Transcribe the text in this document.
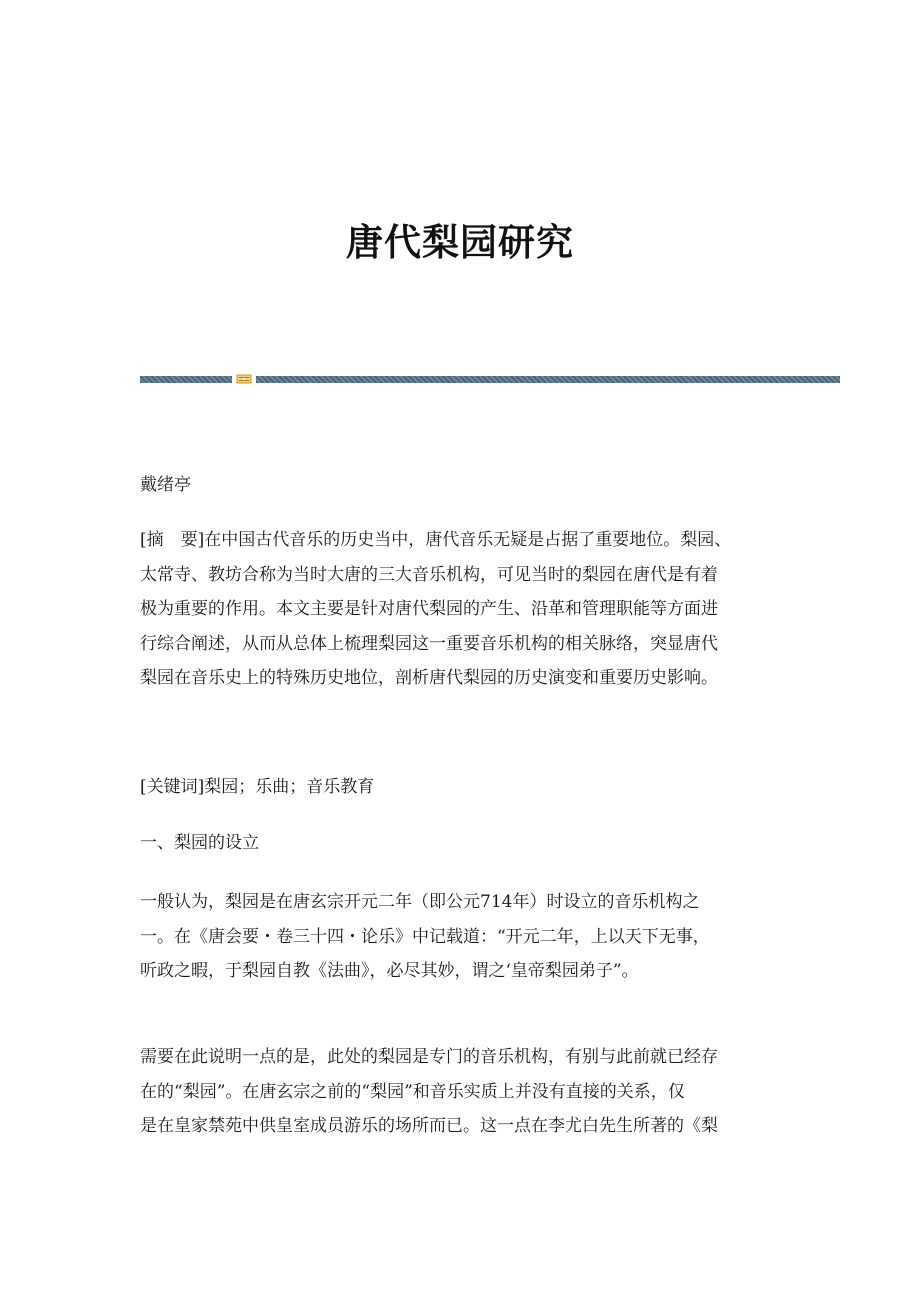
唐代梨园研究
戴绪亭
[摘　要]在中国古代音乐的历史当中，唐代音乐无疑是占据了重要地位。梨园、
太常寺、教坊合称为当时大唐的三大音乐机构，可见当时的梨园在唐代是有着
极为重要的作用。本文主要是针对唐代梨园的产生、沿革和管理职能等方面进
行综合阐述，从而从总体上梳理梨园这一重要音乐机构的相关脉络，突显唐代
梨园在音乐史上的特殊历史地位，剖析唐代梨园的历史演变和重要历史影响。
[关键词]梨园；乐曲；音乐教育
一、梨园的设立
一般认为，梨园是在唐玄宗开元二年（即公元714年）时设立的音乐机构之
一。在《唐会要・卷三十四・论乐》中记载道：“开元二年，上以天下无事，
听政之暇，于梨园自教《法曲》，必尽其妙，谓之‘皇帝梨园弟子”。
需要在此说明一点的是，此处的梨园是专门的音乐机构，有别与此前就已经存
在的“梨园”。在唐玄宗之前的“梨园”和音乐实质上并没有直接的关系，仅
是在皇家禁苑中供皇室成员游乐的场所而已。这一点在李尤白先生所著的《梨
